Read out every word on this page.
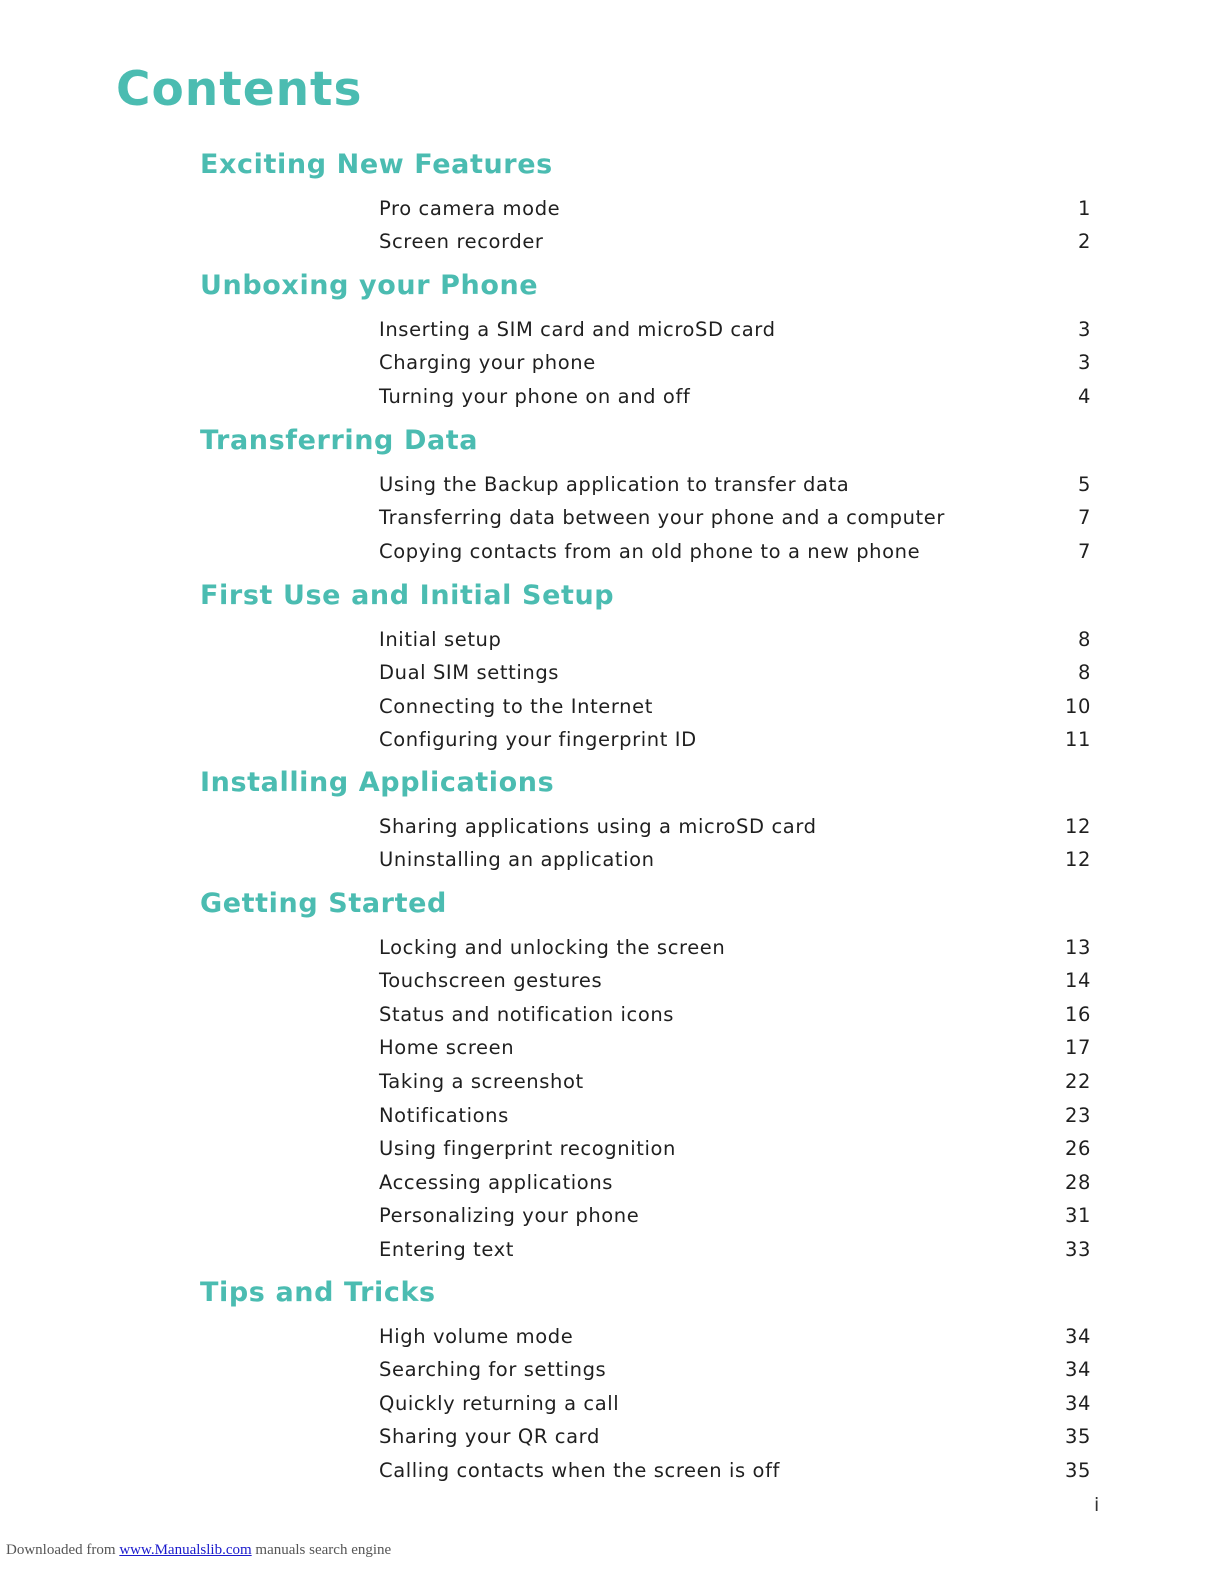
Contents
Exciting New Features
Pro camera mode	1
Screen recorder	2
Unboxing your Phone
Inserting a SIM card and microSD card	3
Charging your phone	3
Turning your phone on and off	4
Transferring Data
Using the Backup application to transfer data	5
Transferring data between your phone and a computer	7
Copying contacts from an old phone to a new phone	7
First Use and Initial Setup
Initial setup	8
Dual SIM settings	8
Connecting to the Internet	10
Configuring your fingerprint ID	11
Installing Applications
Sharing applications using a microSD card	12
Uninstalling an application	12
Getting Started
Locking and unlocking the screen	13
Touchscreen gestures	14
Status and notification icons	16
Home screen	17
Taking a screenshot	22
Notifications	23
Using fingerprint recognition	26
Accessing applications	28
Personalizing your phone	31
Entering text	33
Tips and Tricks
High volume mode	34
Searching for settings	34
Quickly returning a call	34
Sharing your QR card	35
Calling contacts when the screen is off	35
i
Downloaded from www.Manualslib.com manuals search engine
